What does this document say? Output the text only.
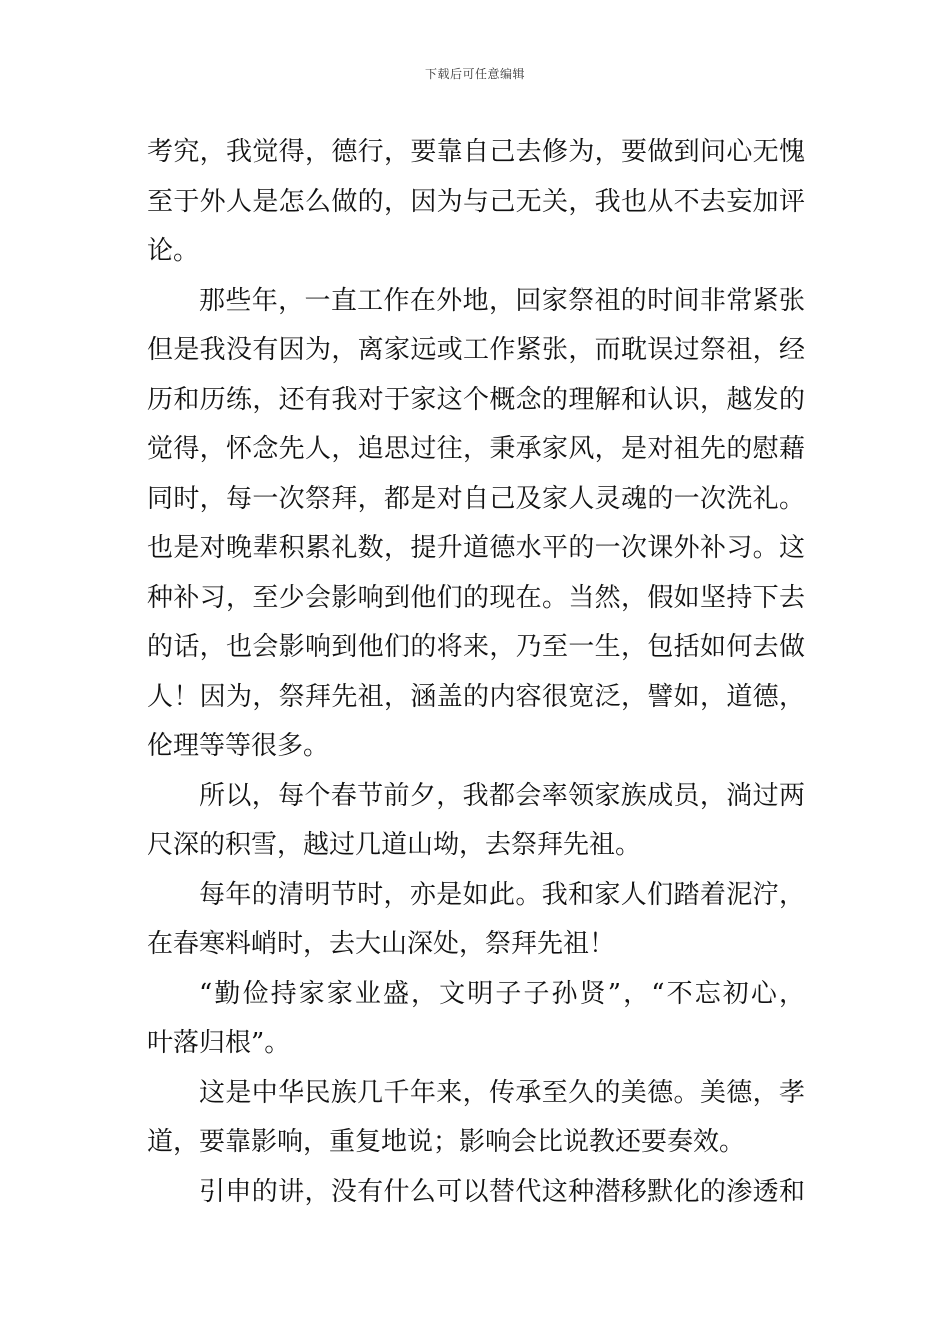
下载后可任意编辑
考究，我觉得，德行，要靠自己去修为，要做到问心无愧
至于外人是怎么做的，因为与己无关，我也从不去妄加评
论。
那些年，一直工作在外地，回家祭祖的时间非常紧张
但是我没有因为，离家远或工作紧张，而耽误过祭祖，经
历和历练，还有我对于家这个概念的理解和认识，越发的
觉得，怀念先人，追思过往，秉承家风，是对祖先的慰藉
同时，每一次祭拜，都是对自己及家人灵魂的一次洗礼。
也是对晚辈积累礼数，提升道德水平的一次课外补习。这
种补习，至少会影响到他们的现在。当然，假如坚持下去
的话，也会影响到他们的将来，乃至一生，包括如何去做
人！因为，祭拜先祖，涵盖的内容很宽泛，譬如，道德，
伦理等等很多。
所以，每个春节前夕，我都会率领家族成员，淌过两
尺深的积雪，越过几道山坳，去祭拜先祖。
每年的清明节时，亦是如此。我和家人们踏着泥泞，
在春寒料峭时，去大山深处，祭拜先祖！
“勤俭持家家业盛，文明子子孙贤”，“不忘初心，
叶落归根”。
这是中华民族几千年来，传承至久的美德。美德，孝
道，要靠影响，重复地说；影响会比说教还要奏效。
引申的讲，没有什么可以替代这种潜移默化的渗透和
